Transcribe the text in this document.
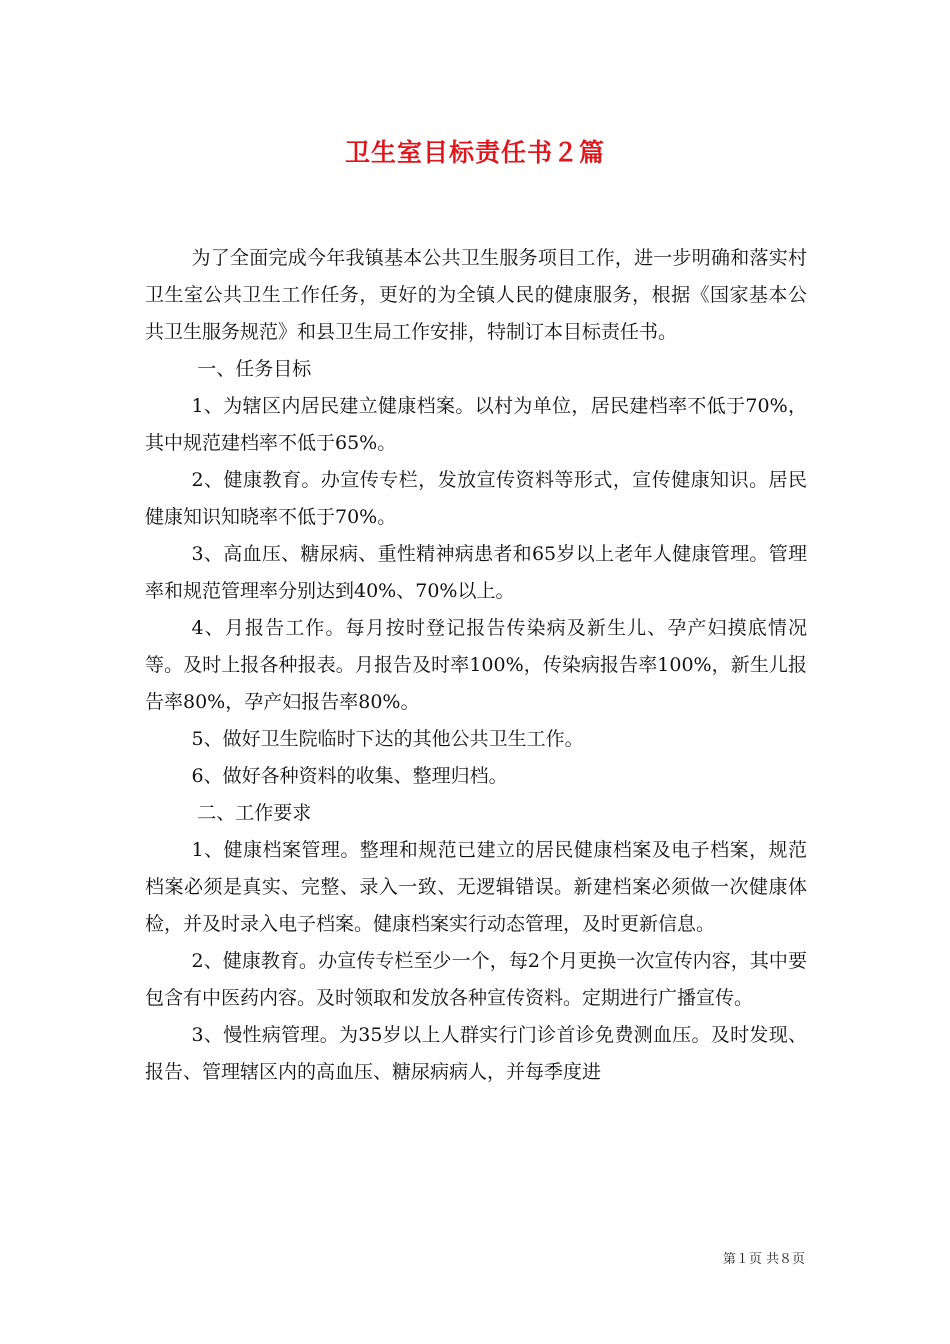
卫生室目标责任书２篇

为了全面完成今年我镇基本公共卫生服务项目工作，进一步明确和落实村卫生室公共卫生工作任务，更好的为全镇人民的健康服务，根据《国家基本公共卫生服务规范》和县卫生局工作安排，特制订本目标责任书。

一、任务目标

1、为辖区内居民建立健康档案。以村为单位，居民建档率不低于70%，其中规范建档率不低于65%。

2、健康教育。办宣传专栏，发放宣传资料等形式，宣传健康知识。居民健康知识知晓率不低于70%。

3、高血压、糖尿病、重性精神病患者和65岁以上老年人健康管理。管理率和规范管理率分别达到40%、70%以上。

4、月报告工作。每月按时登记报告传染病及新生儿、孕产妇摸底情况等。及时上报各种报表。月报告及时率100%，传染病报告率100%，新生儿报告率80%，孕产妇报告率80%。

5、做好卫生院临时下达的其他公共卫生工作。

6、做好各种资料的收集、整理归档。

二、工作要求

1、健康档案管理。整理和规范已建立的居民健康档案及电子档案，规范档案必须是真实、完整、录入一致、无逻辑错误。新建档案必须做一次健康体检，并及时录入电子档案。健康档案实行动态管理，及时更新信息。

2、健康教育。办宣传专栏至少一个，每2个月更换一次宣传内容，其中要包含有中医药内容。及时领取和发放各种宣传资料。定期进行广播宣传。

3、慢性病管理。为35岁以上人群实行门诊首诊免费测血压。及时发现、报告、管理辖区内的高血压、糖尿病病人，并每季度进

第１页 共８页
